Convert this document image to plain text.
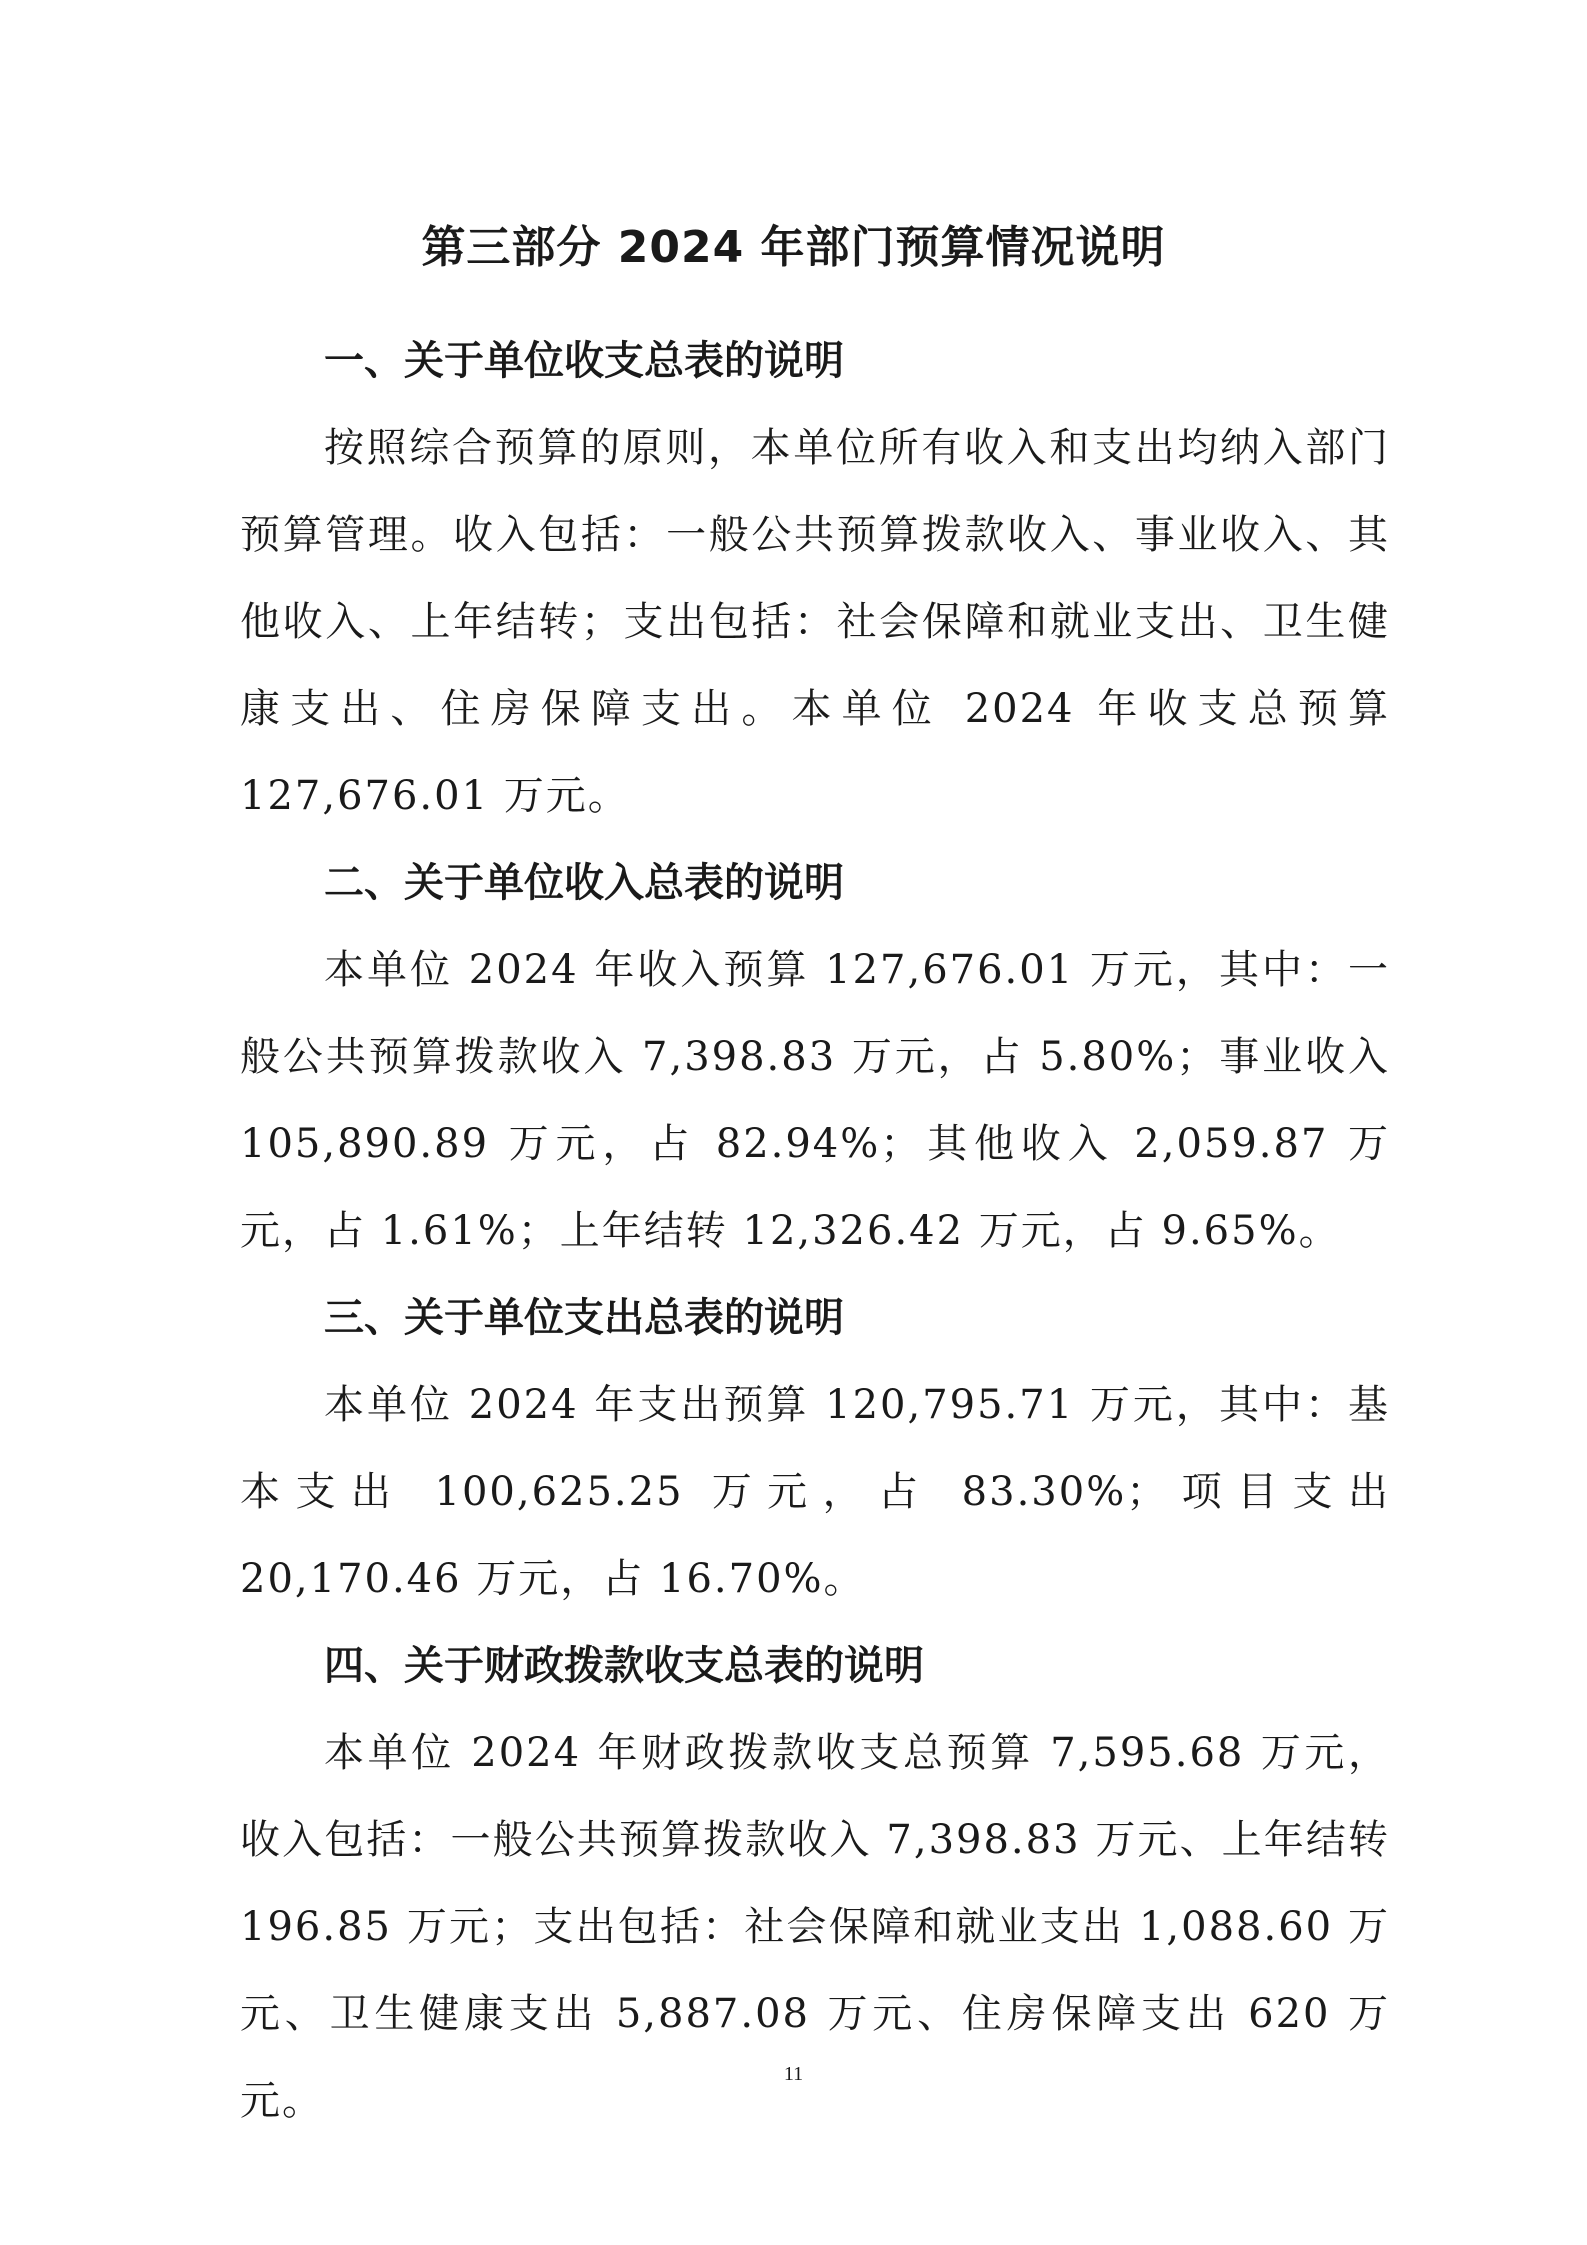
第三部分 2024 年部门预算情况说明
一、关于单位收支总表的说明

按照综合预算的原则，本单位所有收入和支出均纳入部门预算管理。收入包括：一般公共预算拨款收入、事业收入、其他收入、上年结转；支出包括：社会保障和就业支出、卫生健康支出、住房保障支出。本单位 2024 年收支总预算 127,676.01 万元。

二、关于单位收入总表的说明

本单位 2024 年收入预算 127,676.01 万元，其中：一般公共预算拨款收入 7,398.83 万元，占 5.80%；事业收入 105,890.89 万元，占 82.94%；其他收入 2,059.87 万元，占 1.61%；上年结转 12,326.42 万元，占 9.65%。

三、关于单位支出总表的说明

本单位 2024 年支出预算 120,795.71 万元，其中：基本支出 100,625.25 万元，占 83.30%；项目支出 20,170.46 万元，占 16.70%。

四、关于财政拨款收支总表的说明

本单位 2024 年财政拨款收支总预算 7,595.68 万元，收入包括：一般公共预算拨款收入 7,398.83 万元、上年结转 196.85 万元；支出包括：社会保障和就业支出 1,088.60 万元、卫生健康支出 5,887.08 万元、住房保障支出 620 万元。

11
